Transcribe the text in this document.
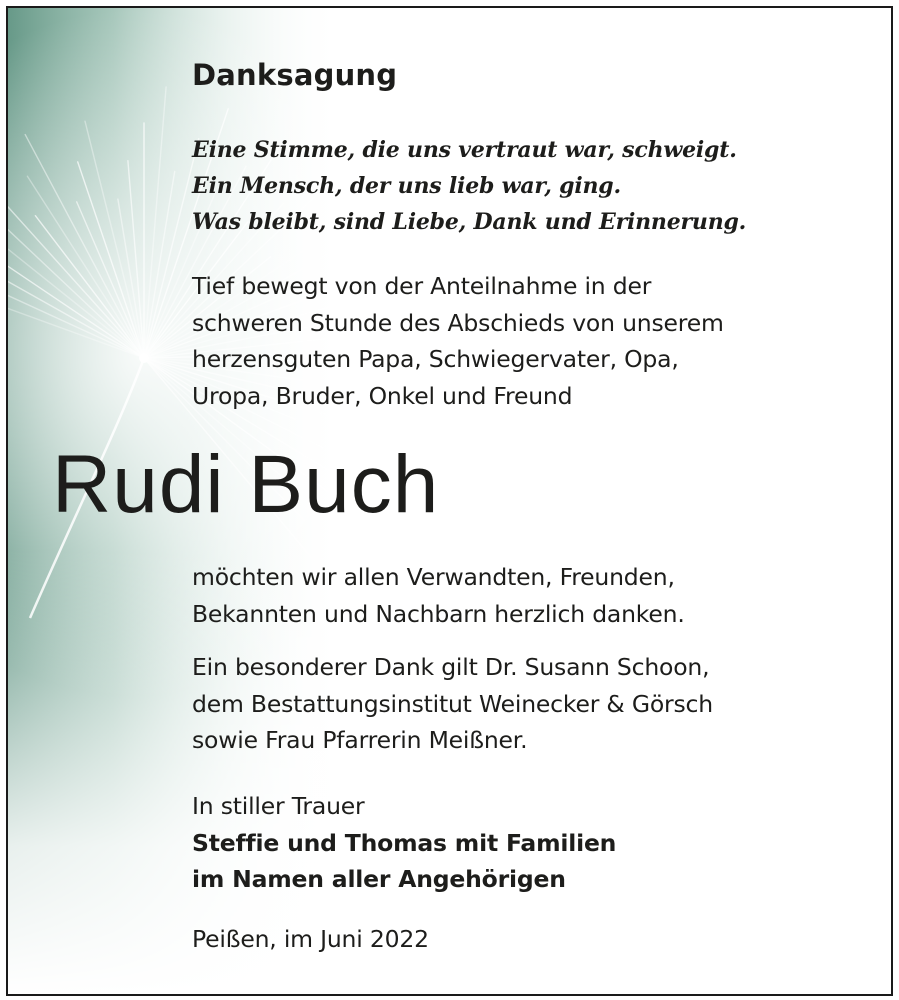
Danksagung
Eine Stimme, die uns vertraut war, schweigt.
Ein Mensch, der uns lieb war, ging.
Was bleibt, sind Liebe, Dank und Erinnerung.
Tief bewegt von der Anteilnahme in der
schweren Stunde des Abschieds von unserem
herzensguten Papa, Schwiegervater, Opa,
Uropa, Bruder, Onkel und Freund
Rudi Buch
möchten wir allen Verwandten, Freunden,
Bekannten und Nachbarn herzlich danken.
Ein besonderer Dank gilt Dr. Susann Schoon,
dem Bestattungsinstitut Weinecker & Görsch
sowie Frau Pfarrerin Meißner.
In stiller Trauer
Steffie und Thomas mit Familien
im Namen aller Angehörigen
Peißen, im Juni 2022
